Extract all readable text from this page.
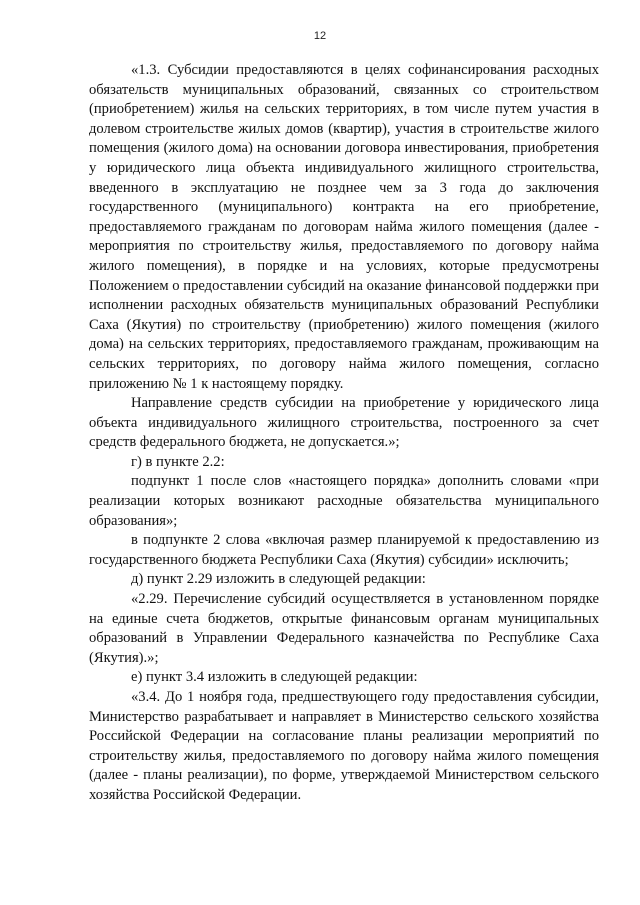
12

«1.3. Субсидии предоставляются в целях софинансирования расходных обязательств муниципальных образований, связанных со строительством (приобретением) жилья на сельских территориях, в том числе путем участия в долевом строительстве жилых домов (квартир), участия в строительстве жилого помещения (жилого дома) на основании договора инвестирования, приобретения у юридического лица объекта индивидуального жилищного строительства, введенного в эксплуатацию не позднее чем за 3 года до заключения государственного (муниципального) контракта на его приобретение, предоставляемого гражданам по договорам найма жилого помещения (далее - мероприятия по строительству жилья, предоставляемого по договору найма жилого помещения), в порядке и на условиях, которые предусмотрены Положением о предоставлении субсидий на оказание финансовой поддержки при исполнении расходных обязательств муниципальных образований Республики Саха (Якутия) по строительству (приобретению) жилого помещения (жилого дома) на сельских территориях, предоставляемого гражданам, проживающим на сельских территориях, по договору найма жилого помещения, согласно приложению № 1 к настоящему порядку.

Направление средств субсидии на приобретение у юридического лица объекта индивидуального жилищного строительства, построенного за счет средств федерального бюджета, не допускается.»;

г) в пункте 2.2:

подпункт 1 после слов «настоящего порядка» дополнить словами «при реализации которых возникают расходные обязательства муниципального образования»;

в подпункте 2 слова «включая размер планируемой к предоставлению из государственного бюджета Республики Саха (Якутия) субсидии» исключить;

д) пункт 2.29 изложить в следующей редакции:

«2.29. Перечисление субсидий осуществляется в установленном порядке на единые счета бюджетов, открытые финансовым органам муниципальных образований в Управлении Федерального казначейства по Республике Саха (Якутия).»;

е) пункт 3.4 изложить в следующей редакции:

«3.4. До 1 ноября года, предшествующего году предоставления субсидии, Министерство разрабатывает и направляет в Министерство сельского хозяйства Российской Федерации на согласование планы реализации мероприятий по строительству жилья, предоставляемого по договору найма жилого помещения (далее - планы реализации), по форме, утверждаемой Министерством сельского хозяйства Российской Федерации.
